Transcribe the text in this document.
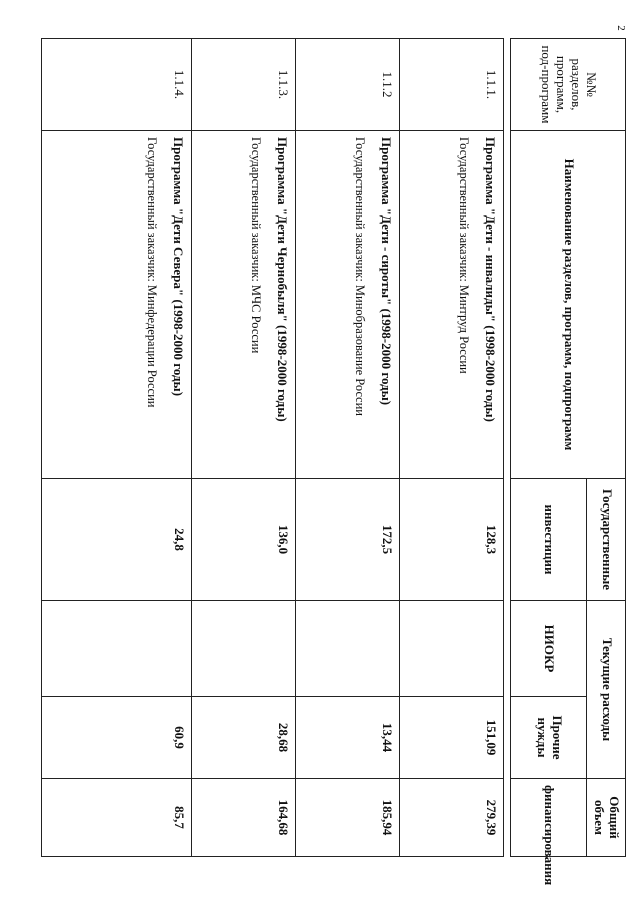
2
№№ разделов, программ, под-программ	Наименование разделов, программ, подпрограмм	Государственные	Текущие расходы		Общий объем
		инвестиции	НИОКР	Прочие нужды	финансирования

1.1.1.	Программа "Дети - инвалиды" (1998-2000 годы)
Государственный заказчик: Минтруд России	128,3		151,09	279,39
1.1.2	Программа "Дети - сироты" (1998-2000 годы)
Государственный заказчик: Минобразование России	172,5		13,44	185,94
1.1.3.	Программа "Дети Чернобыля" (1998-2000 годы)
Государственный заказчик: МЧС России	136,0		28,68	164,68
1.1.4.	Программа "Дети Севера" (1998-2000 годы)
Государственный заказчик: Минфедерации России	24,8		60,9	85,7
